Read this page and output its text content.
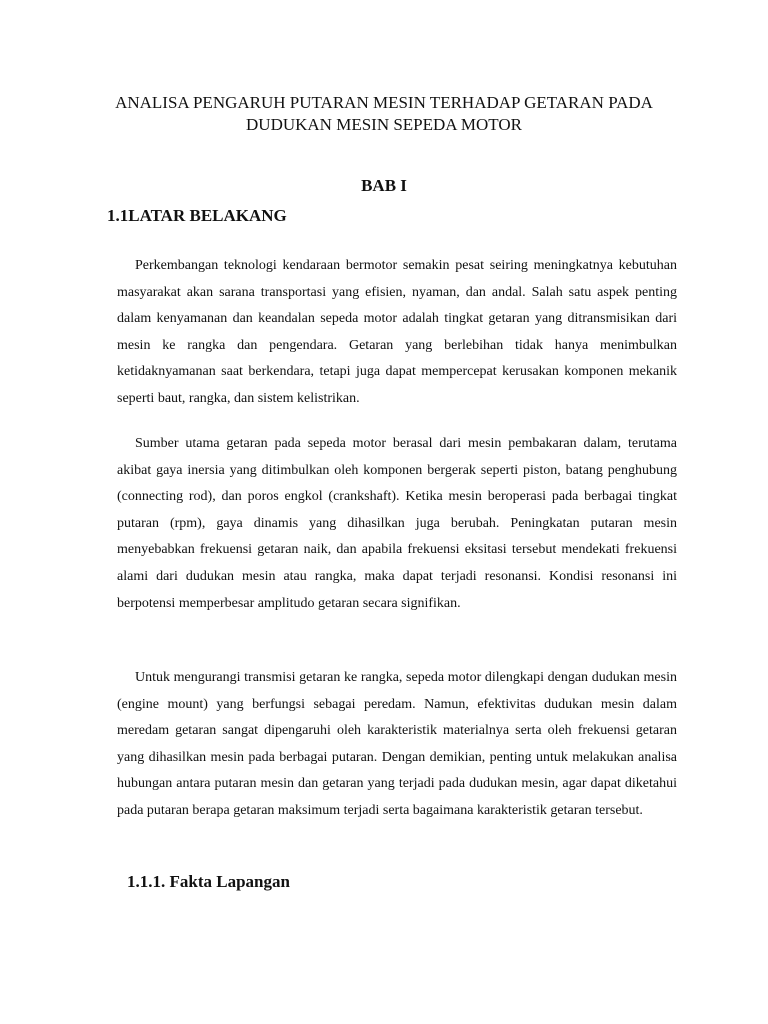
ANALISA PENGARUH PUTARAN MESIN TERHADAP GETARAN PADA DUDUKAN MESIN SEPEDA MOTOR
BAB I
1.1LATAR BELAKANG

Perkembangan teknologi kendaraan bermotor semakin pesat seiring meningkatnya kebutuhan masyarakat akan sarana transportasi yang efisien, nyaman, dan andal. Salah satu aspek penting dalam kenyamanan dan keandalan sepeda motor adalah tingkat getaran yang ditransmisikan dari mesin ke rangka dan pengendara. Getaran yang berlebihan tidak hanya menimbulkan ketidaknyamanan saat berkendara, tetapi juga dapat mempercepat kerusakan komponen mekanik seperti baut, rangka, dan sistem kelistrikan.

Sumber utama getaran pada sepeda motor berasal dari mesin pembakaran dalam, terutama akibat gaya inersia yang ditimbulkan oleh komponen bergerak seperti piston, batang penghubung (connecting rod), dan poros engkol (crankshaft). Ketika mesin beroperasi pada berbagai tingkat putaran (rpm), gaya dinamis yang dihasilkan juga berubah. Peningkatan putaran mesin menyebabkan frekuensi getaran naik, dan apabila frekuensi eksitasi tersebut mendekati frekuensi alami dari dudukan mesin atau rangka, maka dapat terjadi resonansi. Kondisi resonansi ini berpotensi memperbesar amplitudo getaran secara signifikan.

Untuk mengurangi transmisi getaran ke rangka, sepeda motor dilengkapi dengan dudukan mesin (engine mount) yang berfungsi sebagai peredam. Namun, efektivitas dudukan mesin dalam meredam getaran sangat dipengaruhi oleh karakteristik materialnya serta oleh frekuensi getaran yang dihasilkan mesin pada berbagai putaran. Dengan demikian, penting untuk melakukan analisa hubungan antara putaran mesin dan getaran yang terjadi pada dudukan mesin, agar dapat diketahui pada putaran berapa getaran maksimum terjadi serta bagaimana karakteristik getaran tersebut.

1.1.1. Fakta Lapangan
